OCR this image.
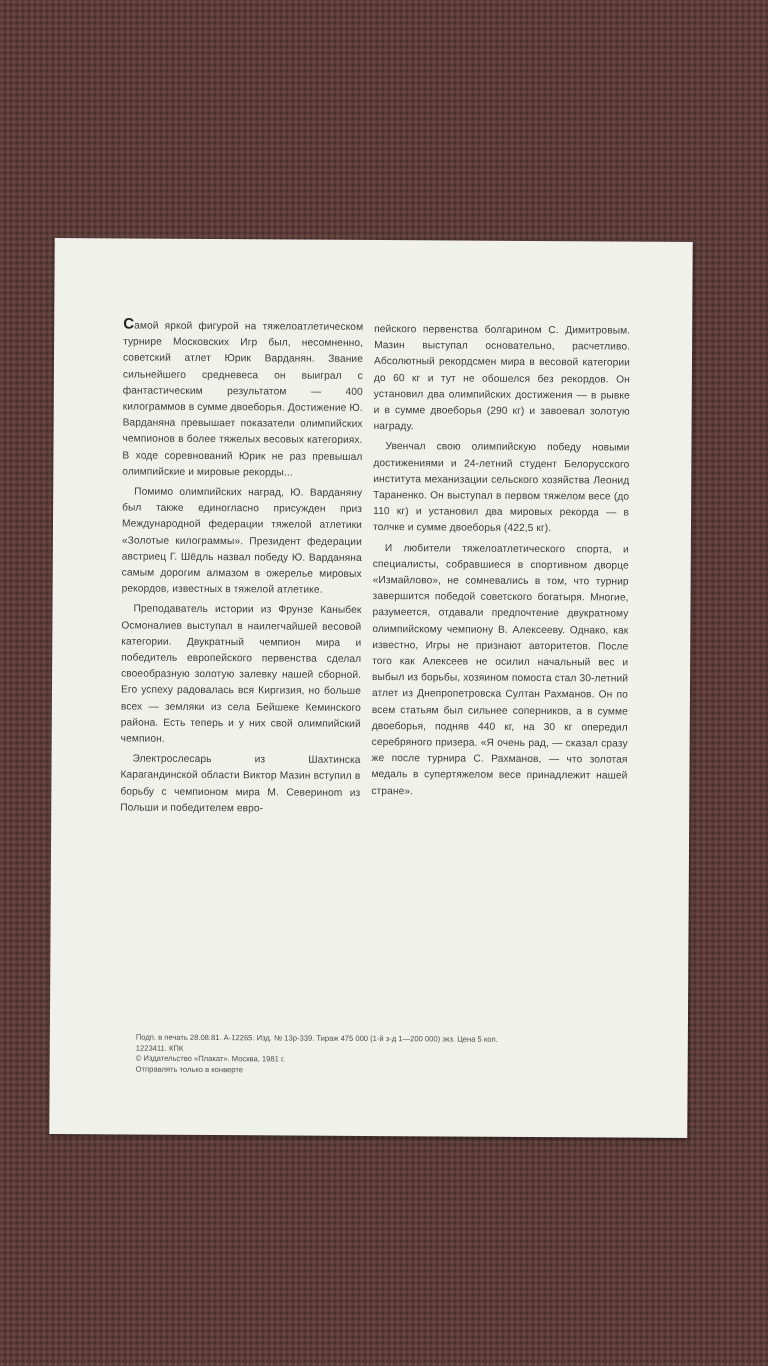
Самой яркой фигурой на тяжелоатлетическом турнире Московских Игр был, несомненно, советский атлет Юрик Варданян. Звание сильнейшего средневеса он выиграл с фантастическим результатом — 400 килограммов в сумме двоеборья. Достижение Ю. Варданяна превышает показатели олимпийских чемпионов в более тяжелых весовых категориях. В ходе соревнований Юрик не раз превышал олимпийские и мировые рекорды...

Помимо олимпийских наград, Ю. Варданяну был также единогласно присужден приз Международной федерации тяжелой атлетики «Золотые килограммы». Президент федерации австриец Г. Шёдль назвал победу Ю. Варданяна самым дорогим алмазом в ожерелье мировых рекордов, известных в тяжелой атлетике.

Преподаватель истории из Фрунзе Каныбек Осмоналиев выступал в наилегчайшей весовой категории. Двукратный чемпион мира и победитель европейского первенства сделал своеобразную золотую залевку нашей сборной. Его успеху радовалась вся Киргизия, но больше всех — земляки из села Бейшеке Кеминского района. Есть теперь и у них свой олимпийский чемпион.

Электрослесарь из Шахтинска Карагандинской области Виктор Мазин вступил в борьбу с чемпионом мира М. Севериноm из Польши и победителем евро-

пейского первенства болгарином С. Димитровым. Мазин выступал основательно, расчетливо. Абсолютный рекордсмен мира в весовой категории до 60 кг и тут не обошелся без рекордов. Он установил два олимпийских достижения — в рывке и в сумме двоеборья (290 кг) и завоевал золотую награду.

Увенчал свою олимпийскую победу новыми достижениями и 24-летний студент Белорусского института механизации сельского хозяйства Леонид Тараненко. Он выступал в первом тяжелом весе (до 110 кг) и установил два мировых рекорда — в толчке и сумме двоеборья (422,5 кг).

И любители тяжелоатлетического спорта, и специалисты, собравшиеся в спортивном дворце «Измайлово», не сомневались в том, что турнир завершится победой советского богатыря. Многие, разумеется, отдавали предпочтение двукратному олимпийскому чемпиону В. Алексееву. Однако, как известно, Игры не признают авторитетов. После того как Алексеев не осилил начальный вес и выбыл из борьбы, хозяином помоста стал 30-летний атлет из Днепропетровска Султан Рахманов. Он по всем статьям был сильнее соперников, а в сумме двоеборья, подняв 440 кг, на 30 кг опередил серебряного призера. «Я очень рад, — сказал сразу же после турнира С. Рахманов, — что золотая медаль в супертяжелом весе принадлежит нашей стране».

Подп. в печать 28.08.81. А-12265. Изд. № 13р-339. Тираж 475 000 (1-й з-д 1—200 000) экз. Цена 5 коп.
1223411. КПК
© Издательство «Плакат». Москва, 1981 г.
Отправлять только в конверте
